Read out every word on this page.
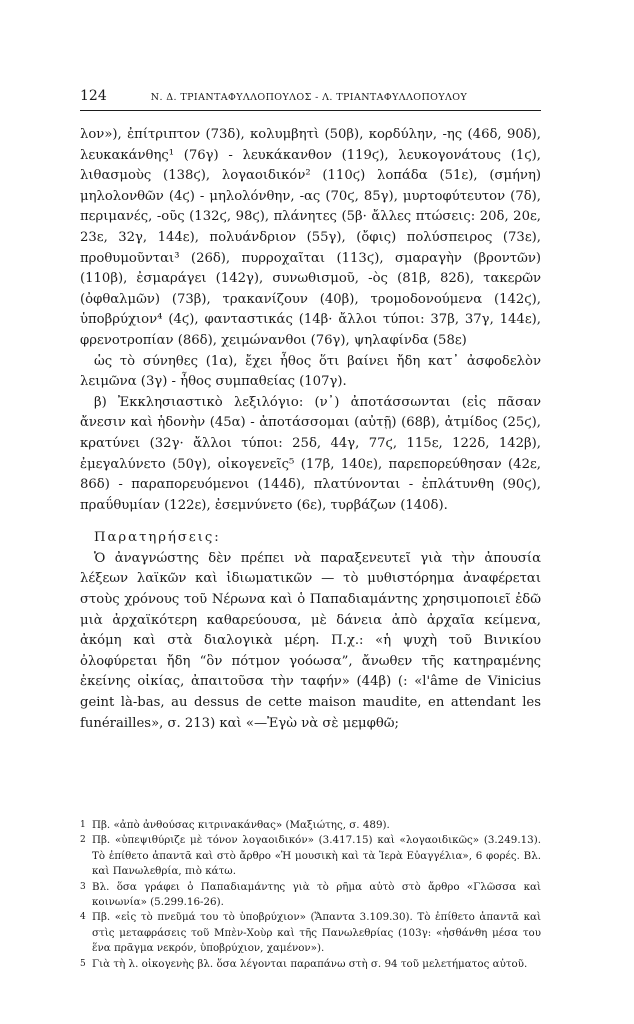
124	Ν. Δ. ΤΡΙΑΝΤΑΦΥΛΛΟΠΟΥΛΟΣ - Λ. ΤΡΙΑΝΤΑΦΥΛΛΟΠΟΥΛΟΥ

λον»), ἐπίτριπτον (73δ), κολυμβητὶ (50β), κορδύλην, -ης (46δ, 90δ), λευκακάνθης¹ (76γ) - λευκάκανθον (119ϛ), λευκογονάτους (1ϛ), λιθασμοὺς (138ϛ), λογαοιδικόν² (110ϛ) λοπάδα (51ε), (σμήνη) μηλολονθῶν (4ϛ) - μηλολόνθην, -ας (70ϛ, 85γ), μυρτοφύτευτον (7δ), περιμανές, -οῦς (132ϛ, 98ϛ), πλάνητες (5β· ἄλλες πτώσεις: 20δ, 20ε, 23ε, 32γ, 144ε), πολυάνδριον (55γ), (ὄφις) πολύσπειρος (73ε), προθυμοῦνται³ (26δ), πυρροχαῖται (113ϛ), σμαραγὴν (βροντῶν) (110β), ἐσμαράγει (142γ), συνωθισμοῦ, -ὸς (81β, 82δ), τακερῶν (ὀφθαλμῶν) (73β), τρακανίζουν (40β), τρομοδονούμενα (142ϛ), ὑποβρύχιον⁴ (4ϛ), φανταστικάς (14β· ἄλλοι τύποι: 37β, 37γ, 144ε), φρενοτροπίαν (86δ), χειμώνανθοι (76γ), ψηλαφίνδα (58ε)

ὡς τὸ σύνηθες (1α), ἔχει ἦθος ὅτι βαίνει ἤδη κατ᾽ ἀσφοδελὸν λειμῶνα (3γ) - ἦθος συμπαθείας (107γ).

β) Ἐκκλησιαστικὸ λεξιλόγιο: (ν᾽) ἀποτάσσωνται (εἰς πᾶσαν ἄνεσιν καὶ ἡδονὴν (45α) - ἀποτάσσομαι (αὐτῇ) (68β), ἀτμίδος (25ϛ), κρατύνει (32γ· ἄλλοι τύποι: 25δ, 44γ, 77ϛ, 115ε, 122δ, 142β), ἐμεγαλύνετο (50γ), οἰκογενεῖς⁵ (17β, 140ε), παρεπορεύθησαν (42ε, 86δ) - παραπορευόμενοι (144δ), πλατύνονται - ἐπλάτυνθη (90ϛ), πραΰθυμίαν (122ε), ἐσεμνύνετο (6ε), τυρβάζων (140δ).

Παρατηρήσεις:

Ὁ ἀναγνώστης δὲν πρέπει νὰ παραξενευτεῖ γιὰ τὴν ἀπουσία λέξεων λαϊκῶν καὶ ἰδιωματικῶν — τὸ μυθιστόρημα ἀναφέρεται στοὺς χρόνους τοῦ Νέρωνα καὶ ὁ Παπαδιαμάντης χρησιμοποιεῖ ἐδῶ μιὰ ἀρχαϊκότερη καθαρεύουσα, μὲ δάνεια ἀπὸ ἀρχαῖα κείμενα, ἀκόμη καὶ στὰ διαλογικὰ μέρη. Π.χ.: «ἡ ψυχὴ τοῦ Βινικίου ὀλοφύρεται ἤδη “ὃν πότμον γοόωσα”, ἄνωθεν τῆς κατηραμένης ἐκείνης οἰκίας, ἀπαιτοῦσα τὴν ταφήν» (44β) (: «l'âme de Vinicius geint là-bas, au dessus de cette maison maudite, en attendant les funérailles», σ. 213) καὶ «—Ἐγὼ νὰ σὲ μεμφθῶ;

1 Πβ. «ἀπὸ ἀνθούσας κιτρινακάνθας» (Μαξιώτης, σ. 489).

2 Πβ. «ὑπεψιθύριζε μὲ τόνον λογαοιδικόν» (3.417.15) καὶ «λογαοιδικῶς» (3.249.13). Τὸ ἐπίθετο ἀπαντᾶ καὶ στὸ ἄρθρο «Ἡ μουσικὴ καὶ τὰ Ἱερὰ Εὐαγγέλια», 6 φορές. Βλ. καὶ Πανωλεθρία, πιὸ κάτω.

3 Βλ. ὅσα γράφει ὁ Παπαδιαμάντης γιὰ τὸ ρῆμα αὐτὸ στὸ ἄρθρο «Γλῶσσα καὶ κοινωνία» (5.299.16-26).

4 Πβ. «εἰς τὸ πνεῦμά του τὸ ὑποβρύχιον» (Ἅπαντα 3.109.30). Τὸ ἐπίθετο ἀπαντᾶ καὶ στὶς μεταφράσεις τοῦ Μπὲν-Χοὺρ καὶ τῆς Πανωλεθρίας (103γ: «ἠσθάνθη μέσα του ἕνα πρᾶγμα νεκρόν, ὑποβρύχιον, χαμένον»).

5 Γιὰ τὴ λ. οἰκογενὴς βλ. ὅσα λέγονται παραπάνω στὴ σ. 94 τοῦ μελετήματος αὐτοῦ.
